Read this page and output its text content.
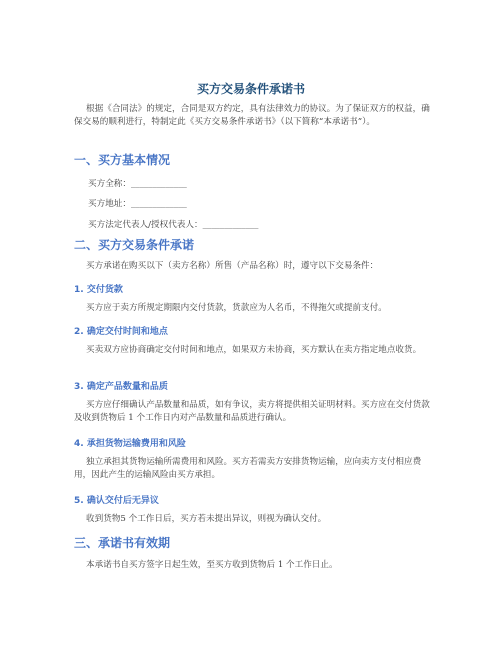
买方交易条件承诺书
根据《合同法》的规定，合同是双方约定，具有法律效力的协议。为了保证双方的权益，确保交易的顺利进行，特制定此《买方交易条件承诺书》（以下简称“本承诺书”）。
一、买方基本情况
买方全称：_____________
买方地址：_____________
买方法定代表人/授权代表人：_____________
二、买方交易条件承诺
买方承诺在购买以下（卖方名称）所售（产品名称）时，遵守以下交易条件：
1. 交付货款
买方应于卖方所规定期限内交付货款，货款应为人名币，不得拖欠或提前支付。
2. 确定交付时间和地点
买卖双方应协商确定交付时间和地点，如果双方未协商，买方默认在卖方指定地点收货。
3. 确定产品数量和品质
买方应仔细确认产品数量和品质，如有争议，卖方将提供相关证明材料。买方应在交付货款及收到货物后 1 个工作日内对产品数量和品质进行确认。
4. 承担货物运输费用和风险
独立承担其货物运输所需费用和风险。买方若需卖方安排货物运输，应向卖方支付相应费用，因此产生的运输风险由买方承担。
5. 确认交付后无异议
收到货物5 个工作日后，买方若未提出异议，则视为确认交付。
三、承诺书有效期
本承诺书自买方签字日起生效，至买方收到货物后 1 个工作日止。
